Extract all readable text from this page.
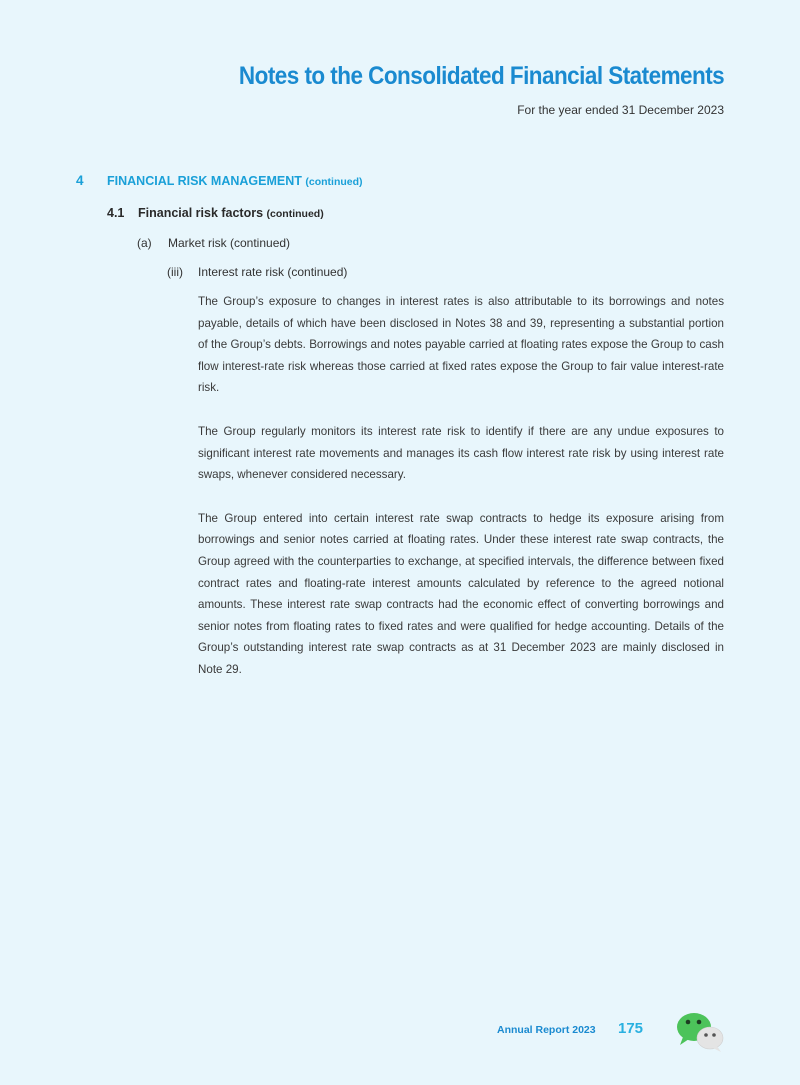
Notes to the Consolidated Financial Statements
For the year ended 31 December 2023
4 FINANCIAL RISK MANAGEMENT (continued)
4.1 Financial risk factors (continued)
(a) Market risk (continued)
(iii) Interest rate risk (continued)

The Group’s exposure to changes in interest rates is also attributable to its borrowings and notes payable, details of which have been disclosed in Notes 38 and 39, representing a substantial portion of the Group’s debts. Borrowings and notes payable carried at floating rates expose the Group to cash flow interest-rate risk whereas those carried at fixed rates expose the Group to fair value interest-rate risk.

The Group regularly monitors its interest rate risk to identify if there are any undue exposures to significant interest rate movements and manages its cash flow interest rate risk by using interest rate swaps, whenever considered necessary.

The Group entered into certain interest rate swap contracts to hedge its exposure arising from borrowings and senior notes carried at floating rates. Under these interest rate swap contracts, the Group agreed with the counterparties to exchange, at specified intervals, the difference between fixed contract rates and floating-rate interest amounts calculated by reference to the agreed notional amounts. These interest rate swap contracts had the economic effect of converting borrowings and senior notes from floating rates to fixed rates and were qualified for hedge accounting. Details of the Group’s outstanding interest rate swap contracts as at 31 December 2023 are mainly disclosed in Note 29.

Annual Report 2023 175
